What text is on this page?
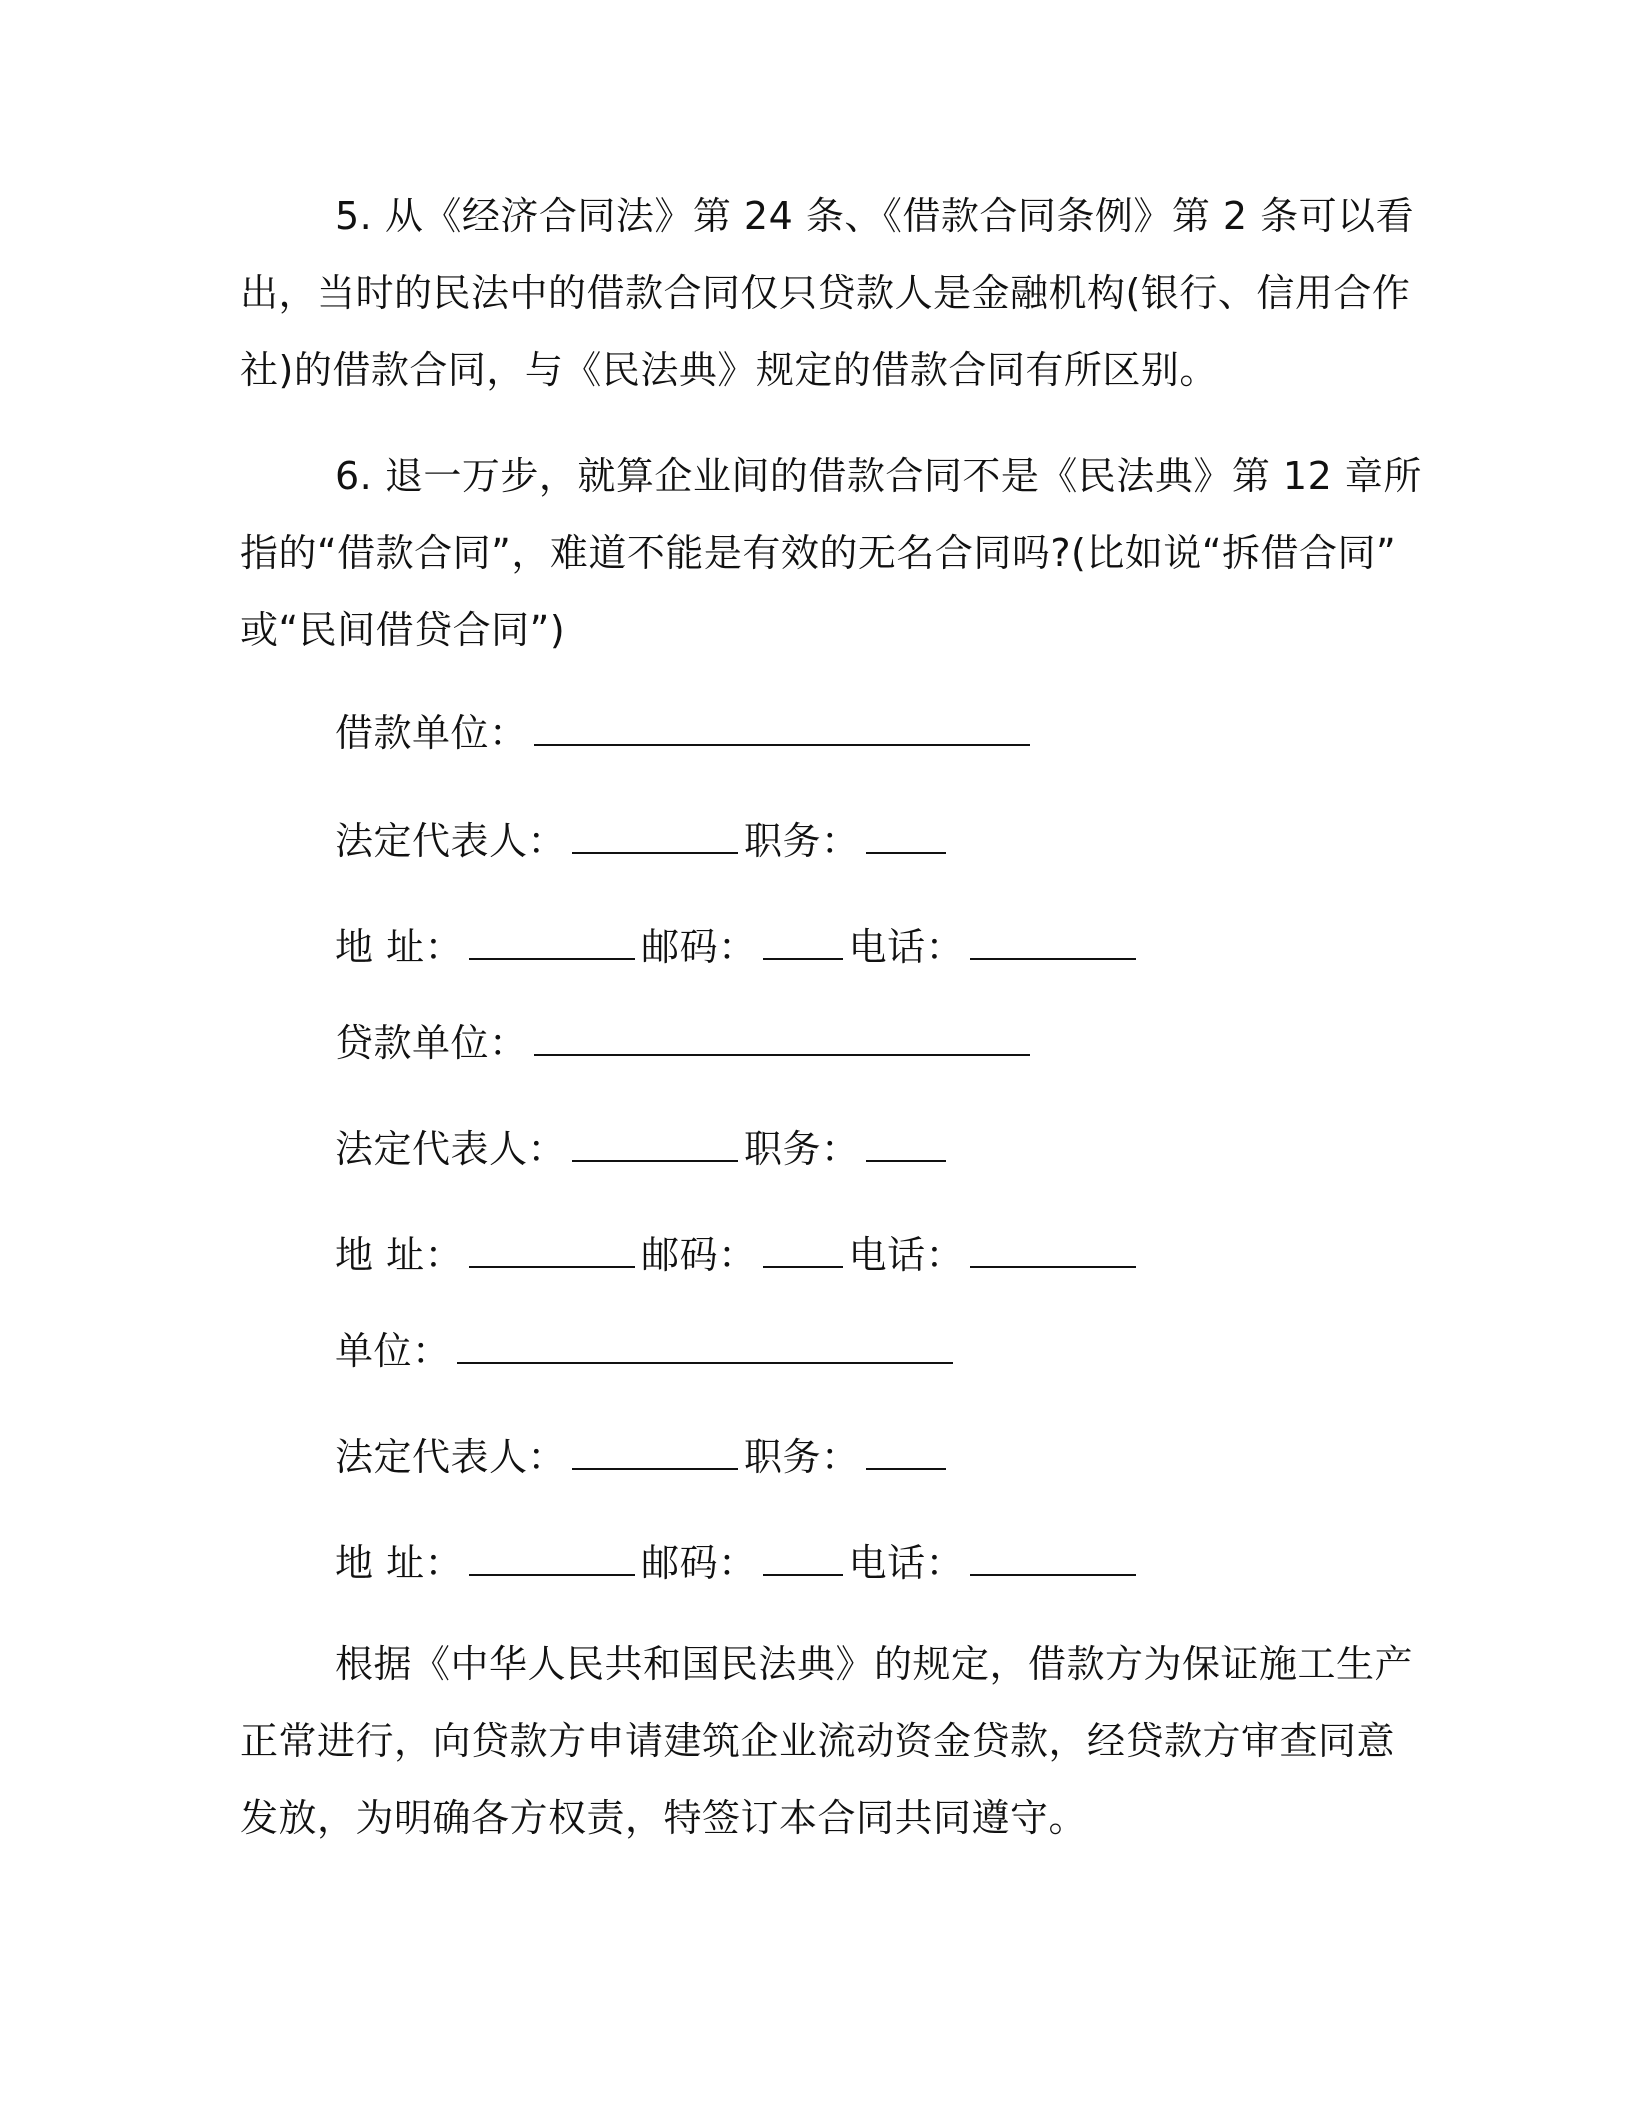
5. 从《经济合同法》第 24 条、《借款合同条例》第 2 条可以看
出，当时的民法中的借款合同仅只贷款人是金融机构(银行、信用合作
社)的借款合同，与《民法典》规定的借款合同有所区别。
6. 退一万步，就算企业间的借款合同不是《民法典》第 12 章所
指的“借款合同”，难道不能是有效的无名合同吗?(比如说“拆借合同”
或“民间借贷合同”)
借款单位：
法定代表人：	职务：
地 址：	邮码： 电话：
贷款单位：
法定代表人：	职务：
地 址：	邮码： 电话：
单位：
法定代表人：	职务：
地 址：	邮码： 电话：
根据《中华人民共和国民法典》的规定，借款方为保证施工生产
正常进行，向贷款方申请建筑企业流动资金贷款，经贷款方审查同意
发放，为明确各方权责，特签订本合同共同遵守。
